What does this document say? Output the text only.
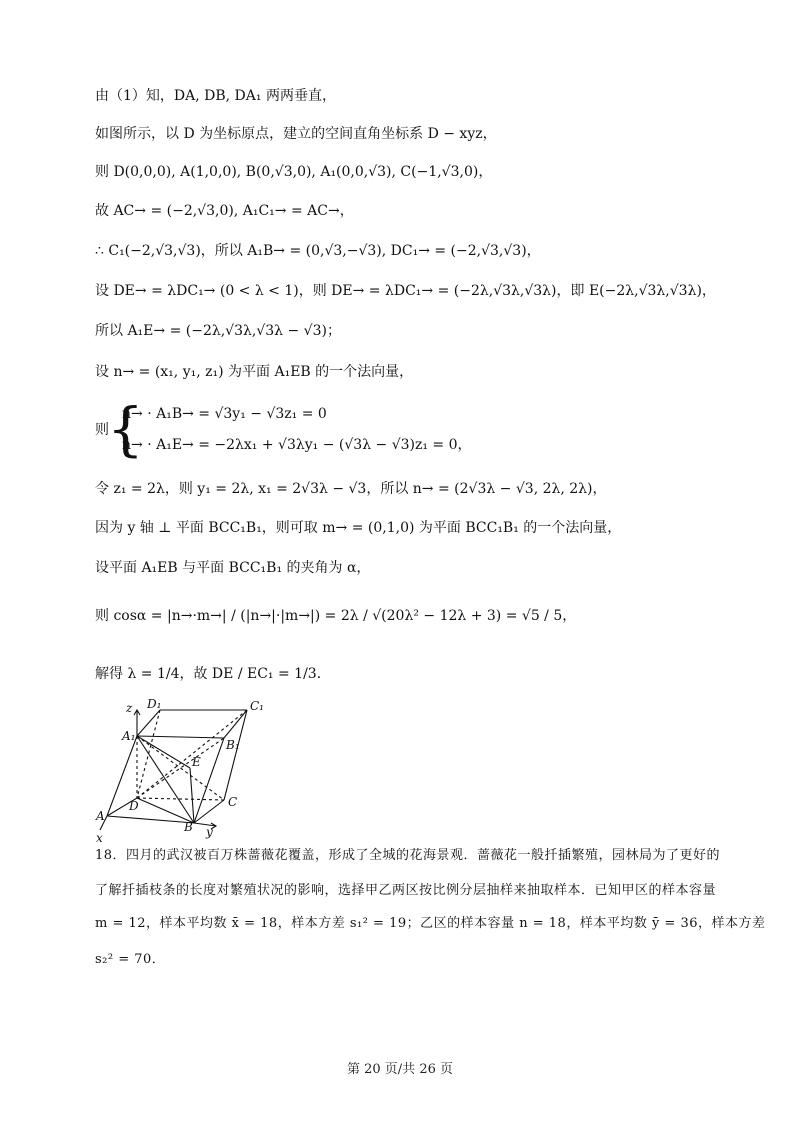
由（1）知，DA, DB, DA₁ 两两垂直，
如图所示，以 D 为坐标原点，建立的空间直角坐标系 D − xyz，
则 D(0,0,0), A(1,0,0), B(0,√3,0), A₁(0,0,√3), C(−1,√3,0)，
故 AC→ = (−2,√3,0), A₁C₁→ = AC→，
∴ C₁(−2,√3,√3)，所以 A₁B→ = (0,√3,−√3), DC₁→ = (−2,√3,√3)，
设 DE→ = λDC₁→ (0 < λ < 1)，则 DE→ = λDC₁→ = (−2λ,√3λ,√3λ)，即 E(−2λ,√3λ,√3λ)，
所以 A₁E→ = (−2λ,√3λ,√3λ − √3)；
设 n→ = (x₁, y₁, z₁) 为平面 A₁EB 的一个法向量，
则
{
n→ · A₁B→ = √3y₁ − √3z₁ = 0
n→ · A₁E→ = −2λx₁ + √3λy₁ − (√3λ − √3)z₁ = 0，
令 z₁ = 2λ，则 y₁ = 2λ, x₁ = 2√3λ − √3，所以 n→ = (2√3λ − √3, 2λ, 2λ)，
因为 y 轴 ⊥ 平面 BCC₁B₁，则可取 m→ = (0,1,0) 为平面 BCC₁B₁ 的一个法向量，
设平面 A₁EB 与平面 BCC₁B₁ 的夹角为 α，
则 cosα = |n→·m→| / (|n→|·|m→|) = 2λ / √(20λ² − 12λ + 3) = √5 / 5，
解得 λ = 1/4，故 DE / EC₁ = 1/3．
z D₁	C₁
A₁
B₁
E
D	C
A
B
x	y
18．四月的武汉被百万株蔷薇花覆盖，形成了全城的花海景观．蔷薇花一般扦插繁殖，园林局为了更好的
了解扦插枝条的长度对繁殖状况的影响，选择甲乙两区按比例分层抽样来抽取样本．已知甲区的样本容量
m = 12，样本平均数 x̄ = 18，样本方差 s₁² = 19；乙区的样本容量 n = 18，样本平均数 ȳ = 36，样本方差
s₂² = 70．
第 20 页/共 26 页
